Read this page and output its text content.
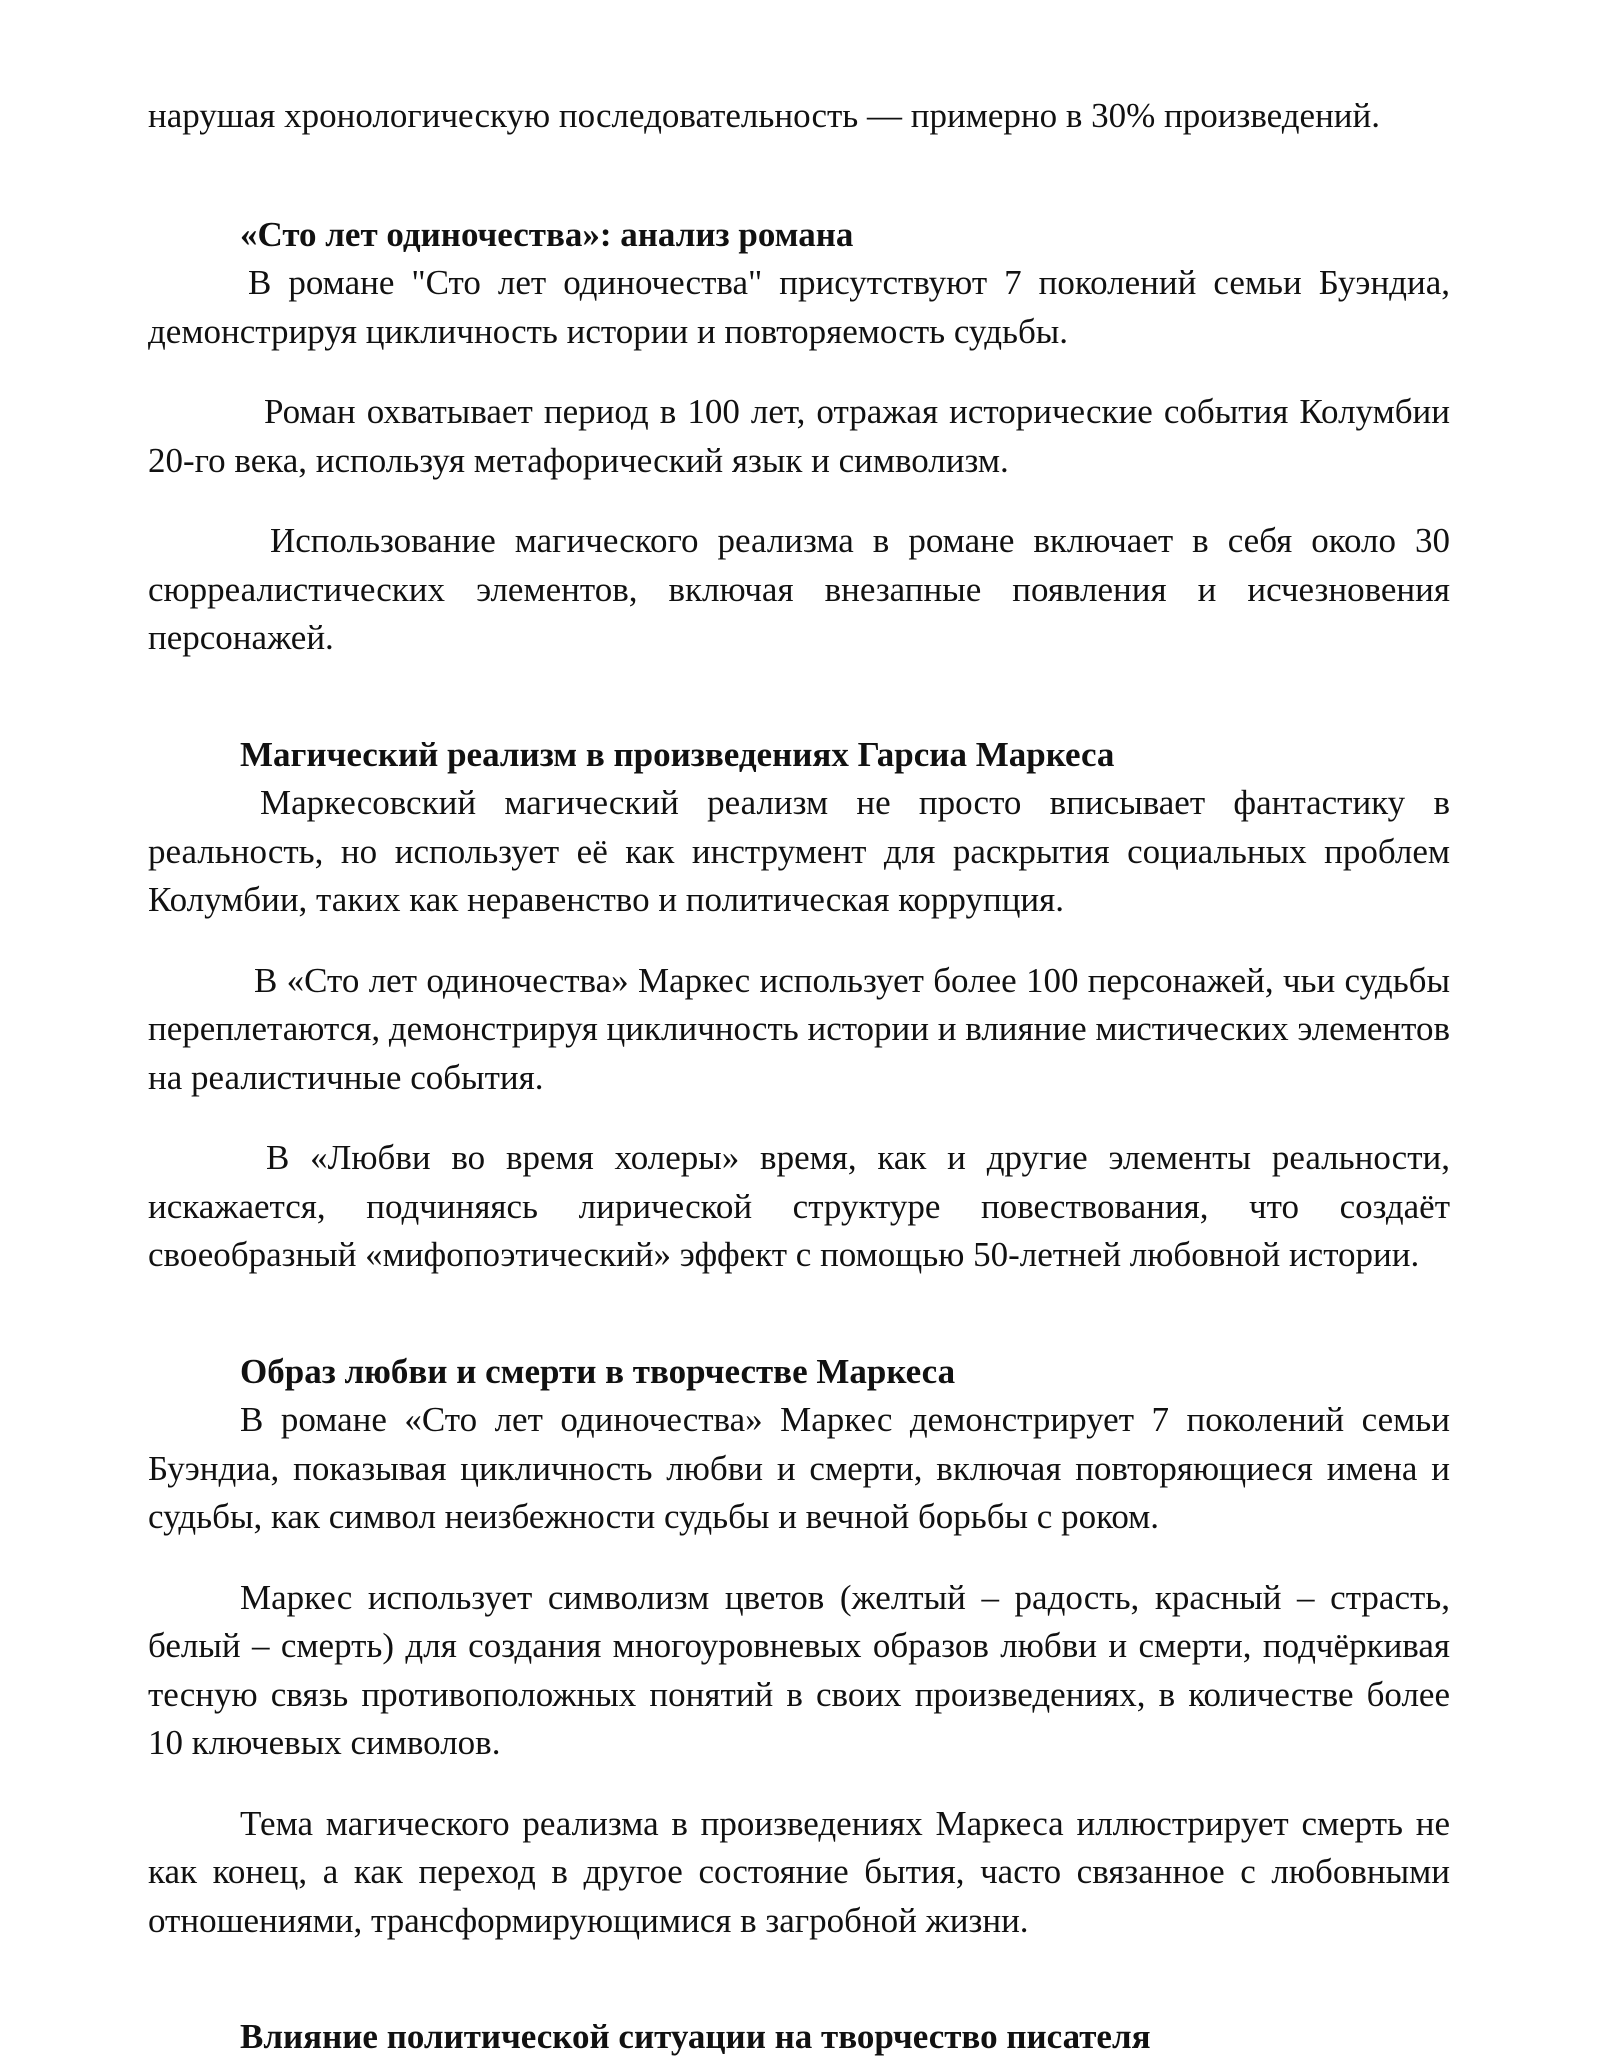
нарушая хронологическую последовательность — примерно в 30% произведений.

«Сто лет одиночества»: анализ романа

В романе "Сто лет одиночества" присутствуют 7 поколений семьи Буэндиа, демонстрируя цикличность истории и повторяемость судьбы.

Роман охватывает период в 100 лет, отражая исторические события Колумбии 20-го века, используя метафорический язык и символизм.

Использование магического реализма в романе включает в себя около 30 сюрреалистических элементов, включая внезапные появления и исчезновения персонажей.

Магический реализм в произведениях Гарсиа Маркеса

Маркесовский магический реализм не просто вписывает фантастику в реальность, но использует её как инструмент для раскрытия социальных проблем Колумбии, таких как неравенство и политическая коррупция.

В «Сто лет одиночества» Маркес использует более 100 персонажей, чьи судьбы переплетаются, демонстрируя цикличность истории и влияние мистических элементов на реалистичные события.

В «Любви во время холеры» время, как и другие элементы реальности, искажается, подчиняясь лирической структуре повествования, что создаёт своеобразный «мифопоэтический» эффект с помощью 50-летней любовной истории.

Образ любви и смерти в творчестве Маркеса

В романе «Сто лет одиночества» Маркес демонстрирует 7 поколений семьи Буэндиа, показывая цикличность любви и смерти, включая повторяющиеся имена и судьбы, как символ неизбежности судьбы и вечной борьбы с роком.

Маркес использует символизм цветов (желтый – радость, красный – страсть, белый – смерть) для создания многоуровневых образов любви и смерти, подчёркивая тесную связь противоположных понятий в своих произведениях, в количестве более 10 ключевых символов.

Тема магического реализма в произведениях Маркеса иллюстрирует смерть не как конец, а как переход в другое состояние бытия, часто связанное с любовными отношениями, трансформирующимися в загробной жизни.

Влияние политической ситуации на творчество писателя
